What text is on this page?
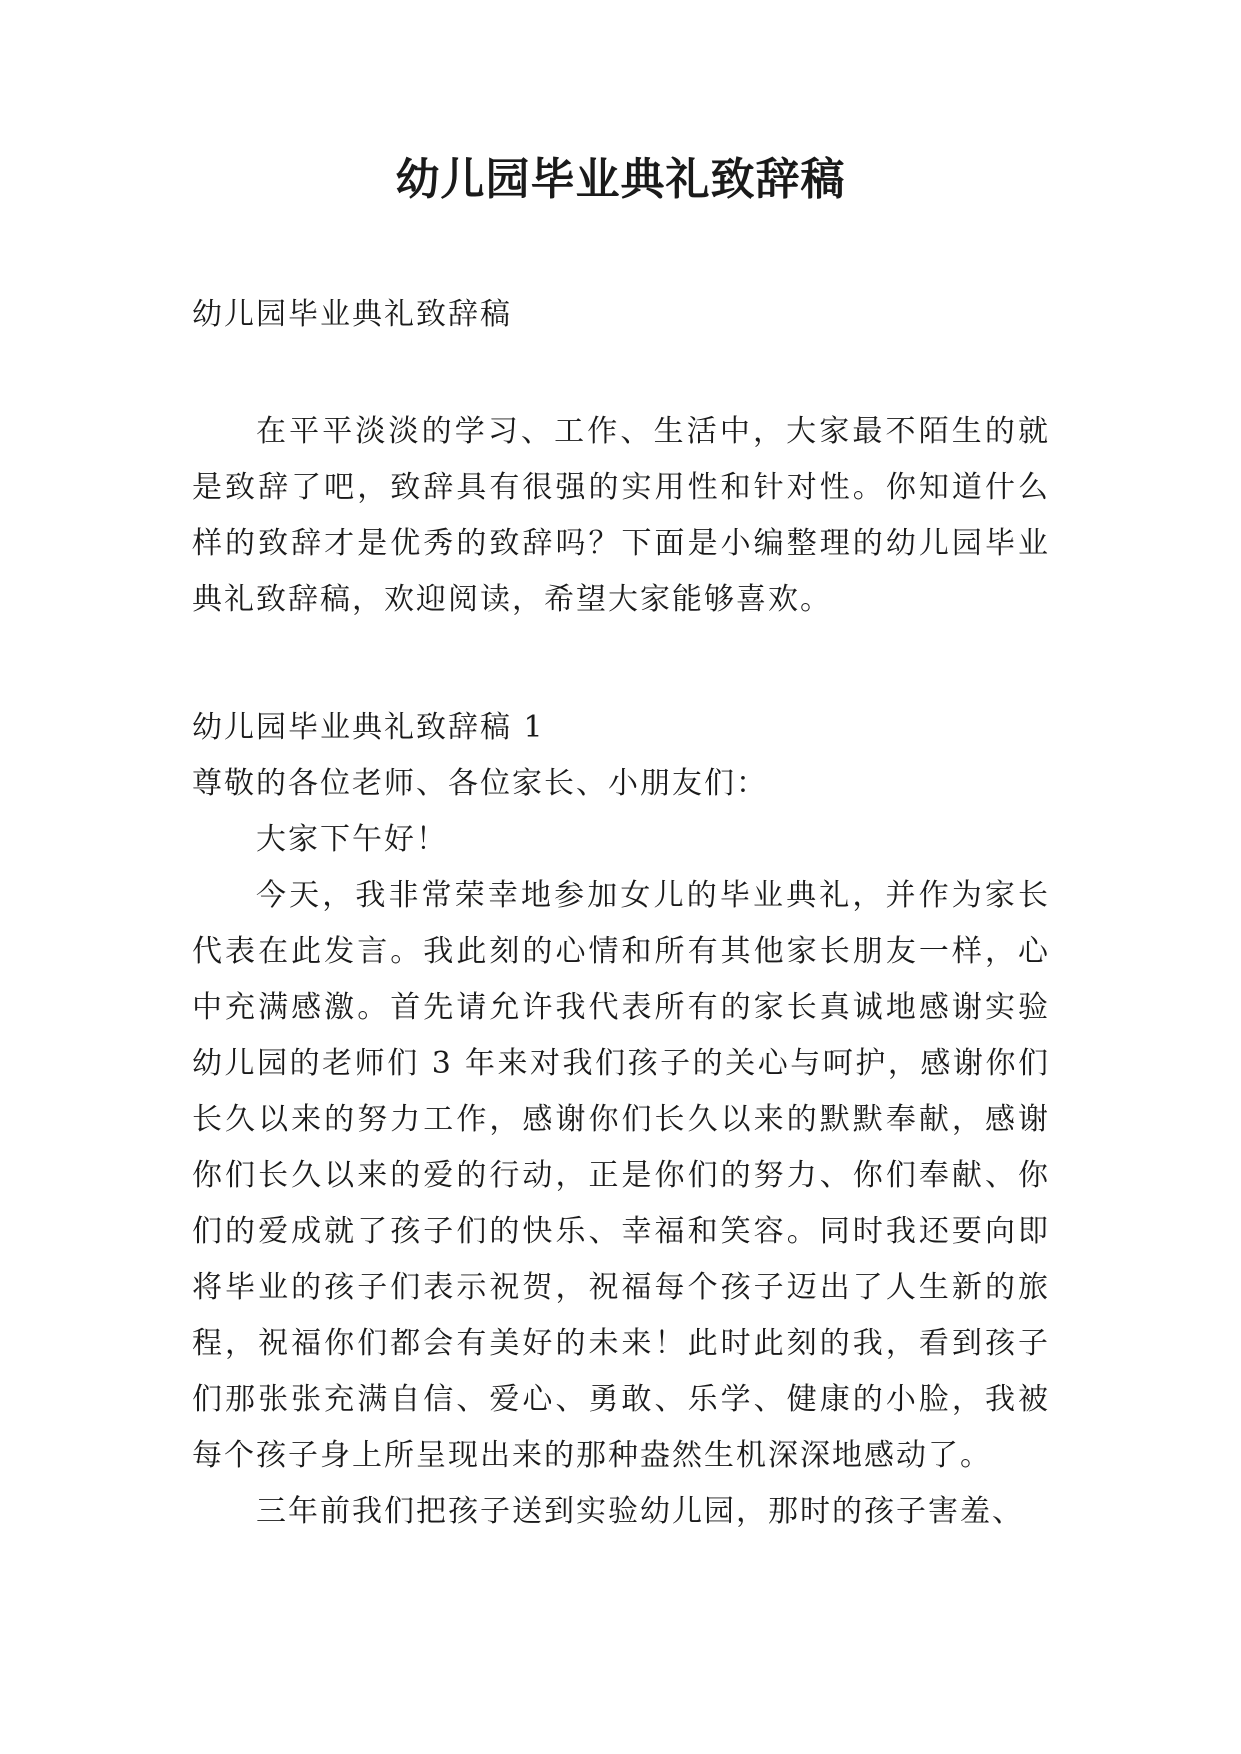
幼儿园毕业典礼致辞稿

幼儿园毕业典礼致辞稿

在平平淡淡的学习、工作、生活中，大家最不陌生的就是致辞了吧，致辞具有很强的实用性和针对性。你知道什么样的致辞才是优秀的致辞吗？下面是小编整理的幼儿园毕业典礼致辞稿，欢迎阅读，希望大家能够喜欢。

幼儿园毕业典礼致辞稿 1

尊敬的各位老师、各位家长、小朋友们：

大家下午好！

今天，我非常荣幸地参加女儿的毕业典礼，并作为家长代表在此发言。我此刻的心情和所有其他家长朋友一样，心中充满感激。首先请允许我代表所有的家长真诚地感谢实验幼儿园的老师们 3 年来对我们孩子的关心与呵护，感谢你们长久以来的努力工作，感谢你们长久以来的默默奉献，感谢你们长久以来的爱的行动，正是你们的努力、你们奉献、你们的爱成就了孩子们的快乐、幸福和笑容。同时我还要向即将毕业的孩子们表示祝贺，祝福每个孩子迈出了人生新的旅程，祝福你们都会有美好的未来！此时此刻的我，看到孩子们那张张充满自信、爱心、勇敢、乐学、健康的小脸，我被每个孩子身上所呈现出来的那种盎然生机深深地感动了。

三年前我们把孩子送到实验幼儿园，那时的孩子害羞、
